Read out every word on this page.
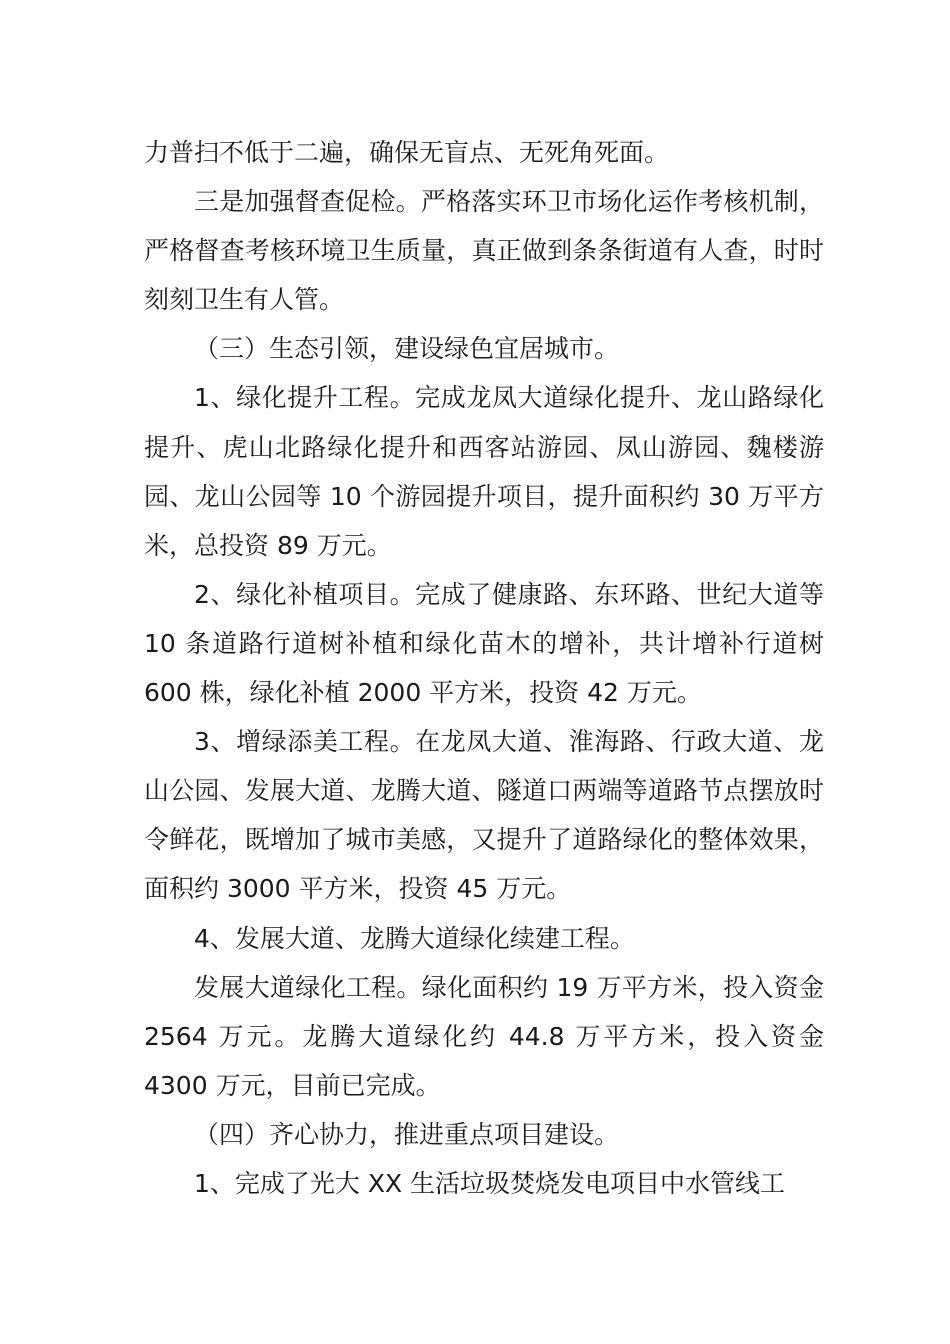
力普扫不低于二遍，确保无盲点、无死角死面。

三是加强督查促检。严格落实环卫市场化运作考核机制，严格督查考核环境卫生质量，真正做到条条街道有人查，时时刻刻卫生有人管。

（三）生态引领，建设绿色宜居城市。

1、绿化提升工程。完成龙凤大道绿化提升、龙山路绿化提升、虎山北路绿化提升和西客站游园、凤山游园、魏楼游园、龙山公园等 10 个游园提升项目，提升面积约 30 万平方米，总投资 89 万元。

2、绿化补植项目。完成了健康路、东环路、世纪大道等 10 条道路行道树补植和绿化苗木的增补，共计增补行道树 600 株，绿化补植 2000 平方米，投资 42 万元。

3、增绿添美工程。在龙凤大道、淮海路、行政大道、龙山公园、发展大道、龙腾大道、隧道口两端等道路节点摆放时令鲜花，既增加了城市美感，又提升了道路绿化的整体效果，面积约 3000 平方米，投资 45 万元。

4、发展大道、龙腾大道绿化续建工程。

发展大道绿化工程。绿化面积约 19 万平方米，投入资金 2564 万元。龙腾大道绿化约 44.8 万平方米，投入资金 4300 万元，目前已完成。

（四）齐心协力，推进重点项目建设。

1、完成了光大 XX 生活垃圾焚烧发电项目中水管线工
